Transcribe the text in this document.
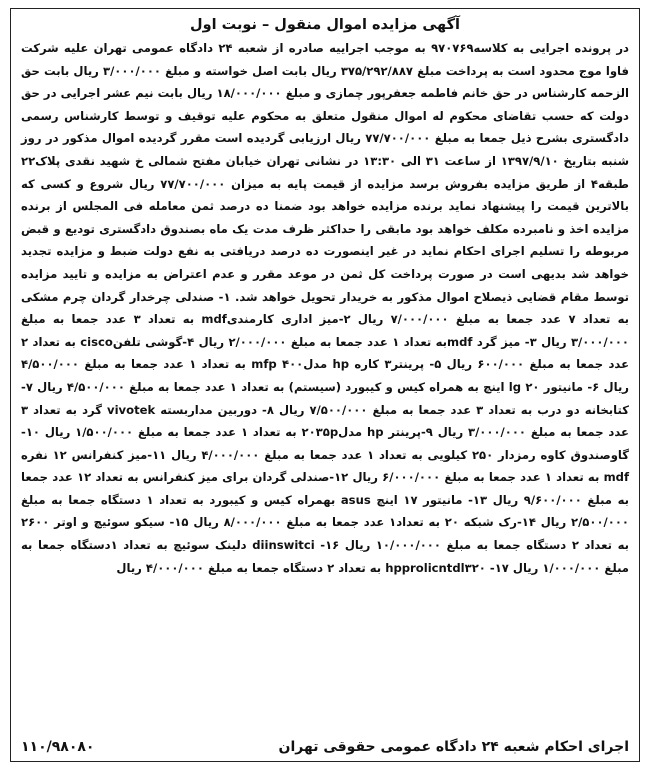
آگهی مزایده اموال منقول – نوبت اول

در پرونده اجرایی به کلاسه۹۷۰۷۶۹ به موجب اجراییه صادره از شعبه ۲۴ دادگاه عمومی تهران علیه شرکت فاوا موج محدود است به پرداخت مبلغ ۳۷۵/۲۹۲/۸۸۷ ریال بابت اصل خواسته و مبلغ ۳/۰۰۰/۰۰۰ ریال بابت حق الزحمه کارشناس در حق خانم فاطمه جعفرپور چمازی و مبلغ ۱۸/۰۰۰/۰۰۰ ریال بابت نیم عشر اجرایی در حق دولت که حسب تقاضای محکوم له اموال منقول متعلق به محکوم علیه توقیف و توسط کارشناس رسمی دادگستری بشرح ذیل جمعا به مبلغ ۷۷/۷۰۰/۰۰۰ ریال ارزیابی گردیده است مقرر گردیده اموال مذکور در روز شنبه بتاریخ ۱۳۹۷/۹/۱۰ از ساعت ۳۱ الی ۱۳:۳۰ در نشانی تهران خیابان مفتح شمالی خ شهید نقدی پلاک۲۲ طبقه۴ از طریق مزایده بفروش برسد مزایده از قیمت پایه به میزان ۷۷/۷۰۰/۰۰۰ ریال شروع و کسی که بالاترین قیمت را پیشنهاد نماید برنده مزایده خواهد بود ضمنا ده درصد ثمن معامله فی المجلس از برنده مزایده اخذ و نامبرده مکلف خواهد بود مابقی را حداکثر ظرف مدت یک ماه بصندوق دادگستری تودیع و قبض مربوطه را تسلیم اجرای احکام نماید در غیر اینصورت ده درصد دریافتی به نفع دولت ضبط و مزایده تجدید خواهد شد بدیهی است در صورت پرداخت کل ثمن در موعد مقرر و عدم اعتراض به مزایده و تایید مزایده توسط مقام قضایی ذیصلاح اموال مذکور به خریدار تحویل خواهد شد. ۱- صندلی چرخدار گردان چرم مشکی به تعداد ۷ عدد جمعا به مبلغ ۷/۰۰۰/۰۰۰ ریال ۲-میز اداری کارمندیmdf به تعداد ۳ عدد جمعا به مبلغ ۳/۰۰۰/۰۰۰ ریال ۳- میز گرد mdfبه تعداد ۱ عدد جمعا به مبلغ ۲/۰۰۰/۰۰۰ ریال ۴-گوشی تلفنcisco به تعداد ۲ عدد جمعا به مبلغ ۶۰۰/۰۰۰ ریال ۵- پرینتر۳ کاره hp مدلmfp ۴۰۰ به تعداد ۱ عدد جمعا به مبلغ ۴/۵۰۰/۰۰۰ ریال ۶- مانیتور ۲۰ lg اینچ به همراه کیس و کیبورد (سیستم) به تعداد ۱ عدد جمعا به مبلغ ۴/۵۰۰/۰۰۰ ریال ۷-کتابخانه دو درب به تعداد ۳ عدد جمعا به مبلغ ۷/۵۰۰/۰۰۰ ریال ۸- دوربین مداربسته vivotek گرد به تعداد ۳ عدد جمعا به مبلغ ۳/۰۰۰/۰۰۰ ریال ۹-پرینتر hp مدل۲۰۳۵p به تعداد ۱ عدد جمعا به مبلغ ۱/۵۰۰/۰۰۰ ریال ۱۰- گاوصندوق کاوه رمزدار ۲۵۰ کیلویی به تعداد ۱ عدد جمعا به مبلغ ۴/۰۰۰/۰۰۰ ریال ۱۱-میز کنفرانس ۱۲ نفره mdf به تعداد ۱ عدد جمعا به مبلغ ۶/۰۰۰/۰۰۰ ریال ۱۲-صندلی گردان برای میز کنفرانس به تعداد ۱۲ عدد جمعا به مبلغ ۹/۶۰۰/۰۰۰ ریال ۱۳- مانیتور ۱۷ اینچ asus بهمراه کیس و کیبورد به تعداد ۱ دستگاه جمعا به مبلغ ۲/۵۰۰/۰۰۰ ریال ۱۴-رک شبکه ۲۰ به تعداد۱ عدد جمعا به مبلغ ۸/۰۰۰/۰۰۰ ریال ۱۵- سیکو سوئیچ و اوتر ۲۶۰۰ به تعداد ۲ دستگاه جمعا به مبلغ ۱۰/۰۰۰/۰۰۰ ریال ۱۶- diinswitci دلینک سوئیچ به تعداد ۱دستگاه جمعا به مبلغ ۱/۰۰۰/۰۰۰ ریال ۱۷- hpprolicntdl۳۲۰ به تعداد ۲ دستگاه جمعا به مبلغ ۴/۰۰۰/۰۰۰ ریال

اجرای احکام شعبه ۲۴ دادگاه عمومی حقوقی تهران
۱۱۰/۹۸۰۸۰
